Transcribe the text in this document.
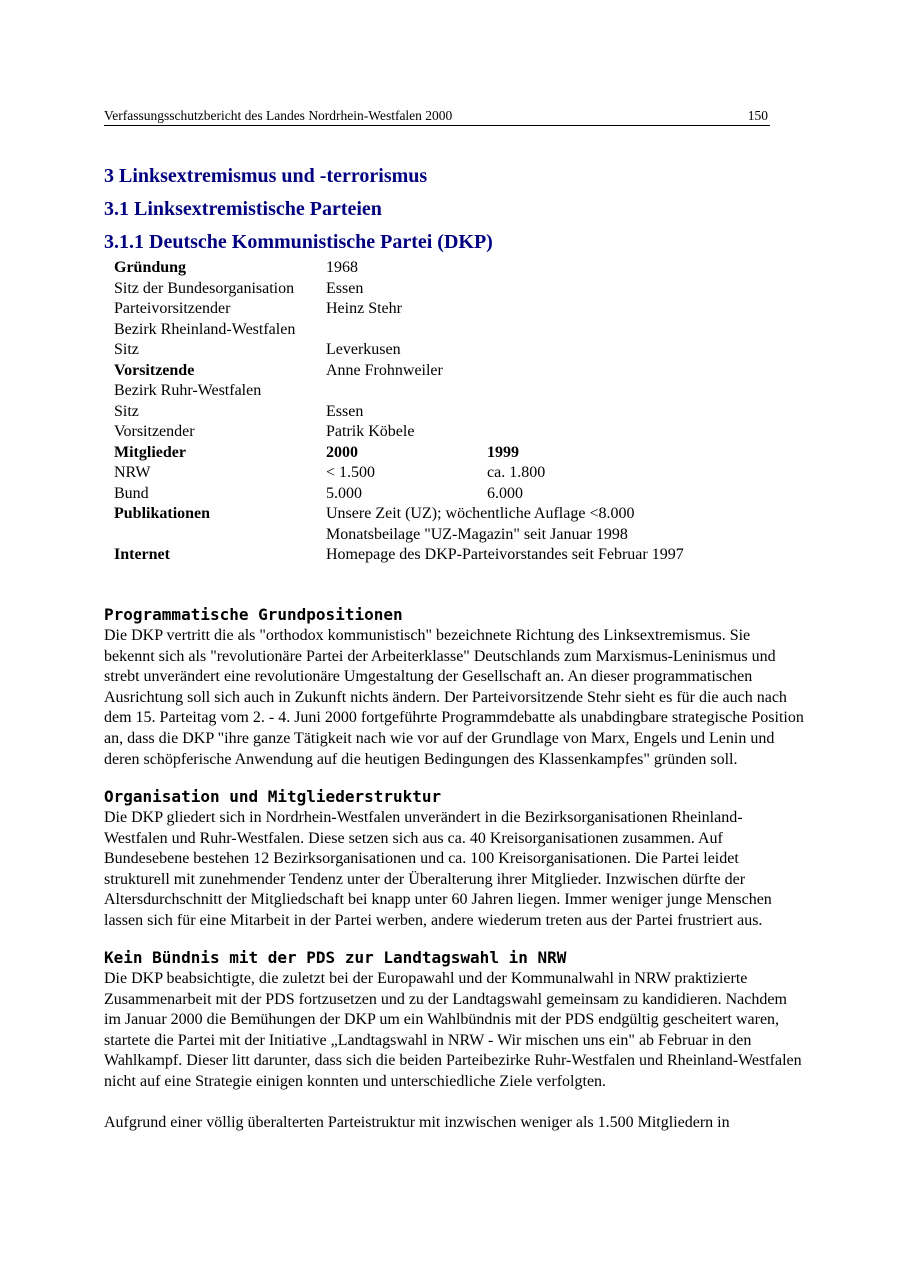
Verfassungsschutzbericht des Landes Nordrhein-Westfalen 2000	150
3 Linksextremismus und -terrorismus
3.1 Linksextremistische Parteien
3.1.1 Deutsche Kommunistische Partei (DKP)
Gründung	1968	
Sitz der Bundesorganisation	Essen	
Parteivorsitzender	Heinz Stehr	
Bezirk Rheinland-Westfalen		
Sitz	Leverkusen	
Vorsitzende	Anne Frohnweiler	
Bezirk Ruhr-Westfalen		
Sitz	Essen	
Vorsitzender	Patrik Köbele	
Mitglieder	2000	1999
NRW	< 1.500	ca. 1.800
Bund	5.000	6.000
Publikationen	Unsere Zeit (UZ); wöchentliche Auflage <8.000
Monatsbeilage "UZ-Magazin" seit Januar 1998	

Internet	Homepage des DKP-Parteivorstandes seit Februar 1997	
Programmatische Grundpositionen

Die DKP vertritt die als "orthodox kommunistisch" bezeichnete Richtung des Linksextremismus. Sie bekennt sich als "revolutionäre Partei der Arbeiterklasse" Deutschlands zum Marxismus-Leninismus und strebt unverändert eine revolutionäre Umgestaltung der Gesellschaft an. An dieser programmatischen Ausrichtung soll sich auch in Zukunft nichts ändern. Der Parteivorsitzende Stehr sieht es für die auch nach dem 15. Parteitag vom 2. - 4. Juni 2000 fortgeführte Programmdebatte als unabdingbare strategische Position an, dass die DKP "ihre ganze Tätigkeit nach wie vor auf der Grundlage von Marx, Engels und Lenin und deren schöpferische Anwendung auf die heutigen Bedingungen des Klassenkampfes" gründen soll.

Organisation und Mitgliederstruktur

Die DKP gliedert sich in Nordrhein-Westfalen unverändert in die Bezirksorganisationen Rheinland-Westfalen und Ruhr-Westfalen. Diese setzen sich aus ca. 40 Kreisorganisationen zusammen. Auf Bundesebene bestehen 12 Bezirksorganisationen und ca. 100 Kreisorganisationen. Die Partei leidet strukturell mit zunehmender Tendenz unter der Überalterung ihrer Mitglieder. Inzwischen dürfte der Altersdurchschnitt der Mitgliedschaft bei knapp unter 60 Jahren liegen. Immer weniger junge Menschen lassen sich für eine Mitarbeit in der Partei werben, andere wiederum treten aus der Partei frustriert aus.

Kein Bündnis mit der PDS zur Landtagswahl in NRW

Die DKP beabsichtigte, die zuletzt bei der Europawahl und der Kommunalwahl in NRW praktizierte Zusammenarbeit mit der PDS fortzusetzen und zu der Landtagswahl gemeinsam zu kandidieren. Nachdem im Januar 2000 die Bemühungen der DKP um ein Wahlbündnis mit der PDS endgültig gescheitert waren, startete die Partei mit der Initiative „Landtagswahl in NRW - Wir mischen uns ein" ab Februar in den Wahlkampf. Dieser litt darunter, dass sich die beiden Parteibezirke Ruhr-Westfalen und Rheinland-Westfalen nicht auf eine Strategie einigen konnten und unterschiedliche Ziele verfolgten.

Aufgrund einer völlig überalterten Parteistruktur mit inzwischen weniger als 1.500 Mitgliedern in
